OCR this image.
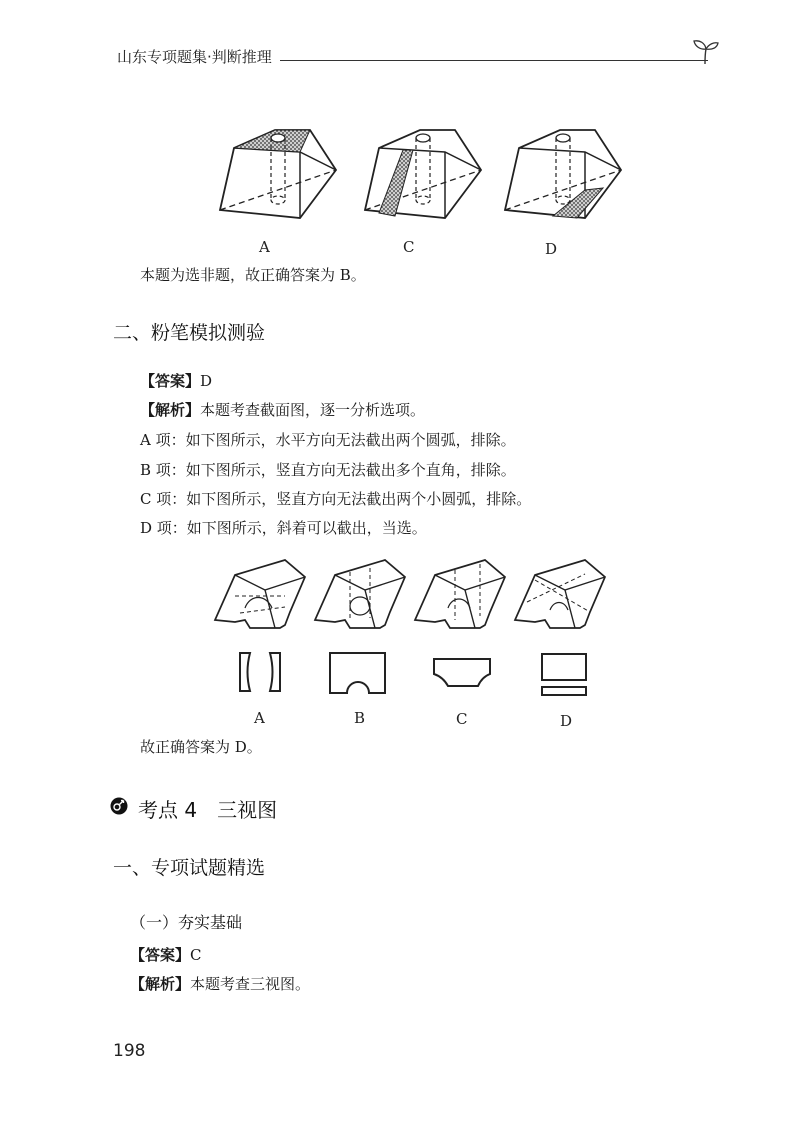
山东专项题集·判断推理
A	C	D
本题为选非题，故正确答案为 B。
二、粉笔模拟测验
【答案】D
【解析】本题考查截面图，逐一分析选项。
A 项：如下图所示，水平方向无法截出两个圆弧，排除。
B 项：如下图所示，竖直方向无法截出多个直角，排除。
C 项：如下图所示，竖直方向无法截出两个小圆弧，排除。
D 项：如下图所示，斜着可以截出，当选。
A	B	C	D
故正确答案为 D。
考点 4　三视图
一、专项试题精选
（一）夯实基础
【答案】C
【解析】本题考查三视图。
198
